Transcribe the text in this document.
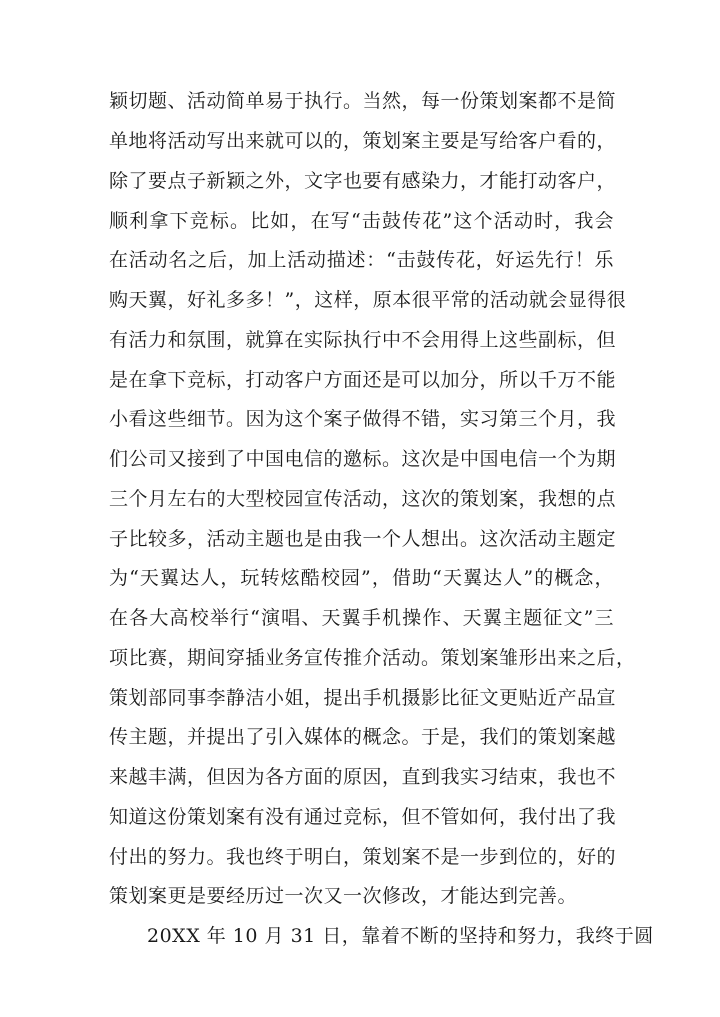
颖切题、活动简单易于执行。当然，每一份策划案都不是简
单地将活动写出来就可以的，策划案主要是写给客户看的，
除了要点子新颖之外，文字也要有感染力，才能打动客户，
顺利拿下竞标。比如，在写“击鼓传花”这个活动时，我会
在活动名之后，加上活动描述：“击鼓传花，好运先行！乐
购天翼，好礼多多！”，这样，原本很平常的活动就会显得很
有活力和氛围，就算在实际执行中不会用得上这些副标，但
是在拿下竞标，打动客户方面还是可以加分，所以千万不能
小看这些细节。因为这个案子做得不错，实习第三个月，我
们公司又接到了中国电信的邀标。这次是中国电信一个为期
三个月左右的大型校园宣传活动，这次的策划案，我想的点
子比较多，活动主题也是由我一个人想出。这次活动主题定
为“天翼达人，玩转炫酷校园”，借助“天翼达人”的概念，
在各大高校举行“演唱、天翼手机操作、天翼主题征文”三
项比赛，期间穿插业务宣传推介活动。策划案雏形出来之后，
策划部同事李静洁小姐，提出手机摄影比征文更贴近产品宣
传主题，并提出了引入媒体的概念。于是，我们的策划案越
来越丰满，但因为各方面的原因，直到我实习结束，我也不
知道这份策划案有没有通过竞标，但不管如何，我付出了我
付出的努力。我也终于明白，策划案不是一步到位的，好的
策划案更是要经历过一次又一次修改，才能达到完善。
20XX 年 10 月 31 日，靠着不断的坚持和努力，我终于圆
